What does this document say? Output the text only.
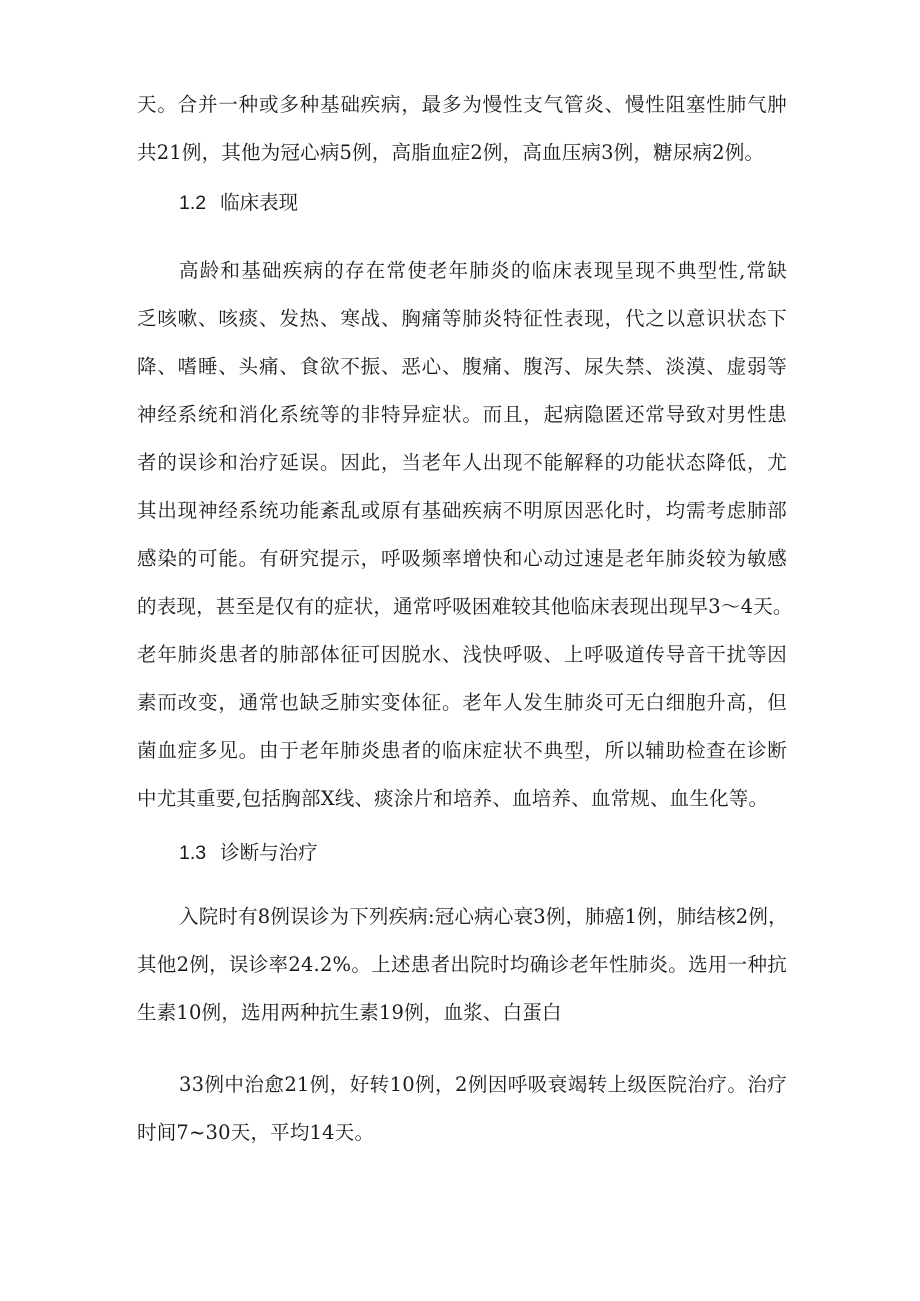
天。合并一种或多种基础疾病，最多为慢性支气管炎、慢性阻塞性肺气肿
共21例，其他为冠心病5例，高脂血症2例，高血压病3例，糖尿病2例。
1.2 临床表现
高龄和基础疾病的存在常使老年肺炎的临床表现呈现不典型性,常缺
乏咳嗽、咳痰、发热、寒战、胸痛等肺炎特征性表现，代之以意识状态下
降、嗜睡、头痛、食欲不振、恶心、腹痛、腹泻、尿失禁、淡漠、虚弱等
神经系统和消化系统等的非特异症状。而且，起病隐匿还常导致对男性患
者的误诊和治疗延误。因此，当老年人出现不能解释的功能状态降低，尤
其出现神经系统功能紊乱或原有基础疾病不明原因恶化时，均需考虑肺部
感染的可能。有研究提示，呼吸频率增快和心动过速是老年肺炎较为敏感
的表现，甚至是仅有的症状，通常呼吸困难较其他临床表现出现早3～4天。
老年肺炎患者的肺部体征可因脱水、浅快呼吸、上呼吸道传导音干扰等因
素而改变，通常也缺乏肺实变体征。老年人发生肺炎可无白细胞升高，但
菌血症多见。由于老年肺炎患者的临床症状不典型，所以辅助检查在诊断
中尤其重要,包括胸部X线、痰涂片和培养、血培养、血常规、血生化等。
1.3 诊断与治疗
入院时有8例误诊为下列疾病:冠心病心衰3例，肺癌1例，肺结核2例，
其他2例，误诊率24.2%。上述患者出院时均确诊老年性肺炎。选用一种抗
生素10例，选用两种抗生素19例，血浆、白蛋白
33例中治愈21例，好转10例，2例因呼吸衰竭转上级医院治疗。治疗
时间7~30天，平均14天。
